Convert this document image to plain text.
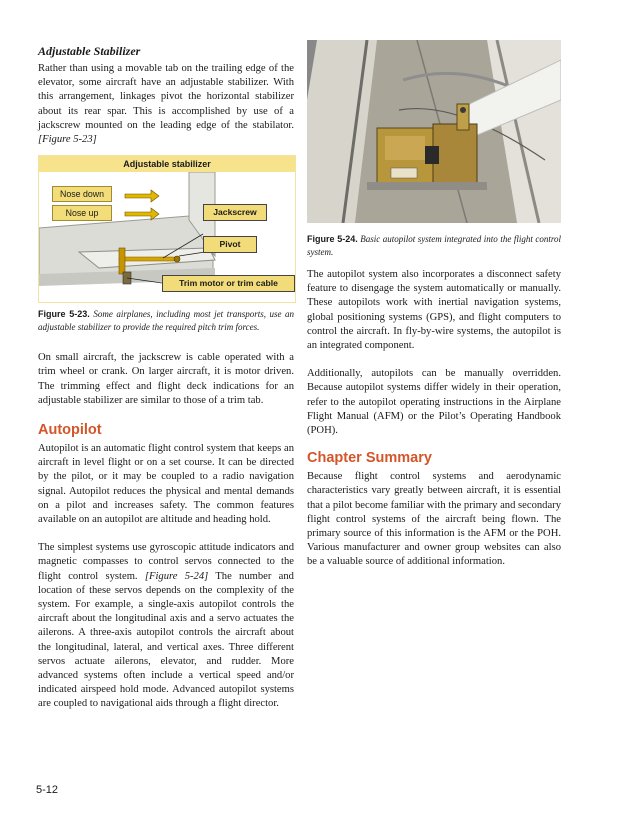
Adjustable Stabilizer

Rather than using a movable tab on the trailing edge of the elevator, some aircraft have an adjustable stabilizer. With this arrangement, linkages pivot the horizontal stabilizer about its rear spar. This is accomplished by use of a jackscrew mounted on the leading edge of the stabilator. [Figure 5-23]

Adjustable stabilizer
Nose down
Nose up	Jackscrew
Pivot
Trim motor or trim cable

Figure 5-23. Some airplanes, including most jet transports, use an adjustable stabilizer to provide the required pitch trim forces.

On small aircraft, the jackscrew is cable operated with a trim wheel or crank. On larger aircraft, it is motor driven. The trimming effect and flight deck indications for an adjustable stabilizer are similar to those of a trim tab.

Autopilot

Autopilot is an automatic flight control system that keeps an aircraft in level flight or on a set course. It can be directed by the pilot, or it may be coupled to a radio navigation signal. Autopilot reduces the physical and mental demands on a pilot and increases safety. The common features available on an autopilot are altitude and heading hold.

The simplest systems use gyroscopic attitude indicators and magnetic compasses to control servos connected to the flight control system. [Figure 5-24] The number and location of these servos depends on the complexity of the system. For example, a single-axis autopilot controls the aircraft about the longitudinal axis and a servo actuates the ailerons. A three-axis autopilot controls the aircraft about the longitudinal, lateral, and vertical axes. Three different servos actuate ailerons, elevator, and rudder. More advanced systems often include a vertical speed and/or indicated airspeed hold mode. Advanced autopilot systems are coupled to navigational aids through a flight director.

Figure 5-24. Basic autopilot system integrated into the flight control system.

The autopilot system also incorporates a disconnect safety feature to disengage the system automatically or manually. These autopilots work with inertial navigation systems, global positioning systems (GPS), and flight computers to control the aircraft. In fly-by-wire systems, the autopilot is an integrated component.

Additionally, autopilots can be manually overridden. Because autopilot systems differ widely in their operation, refer to the autopilot operating instructions in the Airplane Flight Manual (AFM) or the Pilot’s Operating Handbook (POH).

Chapter Summary

Because flight control systems and aerodynamic characteristics vary greatly between aircraft, it is essential that a pilot become familiar with the primary and secondary flight control systems of the aircraft being flown. The primary source of this information is the AFM or the POH. Various manufacturer and owner group websites can also be a valuable source of additional information.

5-12
